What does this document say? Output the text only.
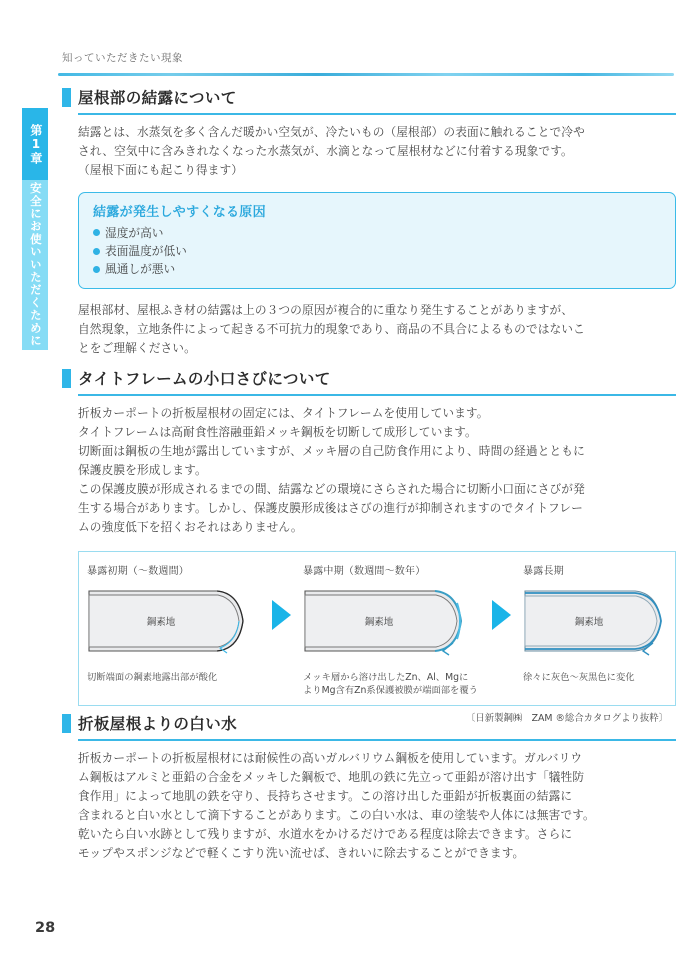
知っていただきたい現象
第1章
安全にお使いいただくために
屋根部の結露について
結露とは、水蒸気を多く含んだ暖かい空気が、冷たいもの（屋根部）の表面に触れることで冷や
され、空気中に含みきれなくなった水蒸気が、水滴となって屋根材などに付着する現象です。
（屋根下面にも起こり得ます）
結露が発生しやすくなる原因
湿度が高い
表面温度が低い
風通しが悪い
屋根部材、屋根ふき材の結露は上の３つの原因が複合的に重なり発生することがありますが、
自然現象，立地条件によって起きる不可抗力的現象であり、商品の不具合によるものではないこ
とをご理解ください。
タイトフレームの小口さびについて
折板カーポートの折板屋根材の固定には、タイトフレームを使用しています。
タイトフレームは高耐食性溶融亜鉛メッキ鋼板を切断して成形しています。
切断面は鋼板の生地が露出していますが、メッキ層の自己防食作用により、時間の経過とともに
保護皮膜を形成します。
この保護皮膜が形成されるまでの間、結露などの環境にさらされた場合に切断小口面にさびが発
生する場合があります。しかし、保護皮膜形成後はさびの進行が抑制されますのでタイトフレー
ムの強度低下を招くおそれはありません。
暴露初期（～数週間）
鋼素地
切断端面の鋼素地露出部が酸化
暴露中期（数週間～数年）
鋼素地
メッキ層から溶け出したZn、Al、Mgに
よりMg含有Zn系保護被膜が端面部を覆う
暴露長期
鋼素地
徐々に灰色～灰黒色に変化
〔日新製鋼㈱　ZAM ®総合カタログより抜粋〕
折板屋根よりの白い水
折板カーポートの折板屋根材には耐候性の高いガルバリウム鋼板を使用しています。ガルバリウ
ム鋼板はアルミと亜鉛の合金をメッキした鋼板で、地肌の鉄に先立って亜鉛が溶け出す「犠牲防
食作用」によって地肌の鉄を守り、長持ちさせます。この溶け出した亜鉛が折板裏面の結露に
含まれると白い水として滴下することがあります。この白い水は、車の塗装や人体には無害です。
乾いたら白い水跡として残りますが、水道水をかけるだけである程度は除去できます。さらに
モップやスポンジなどで軽くこすり洗い流せば、きれいに除去することができます。
28
